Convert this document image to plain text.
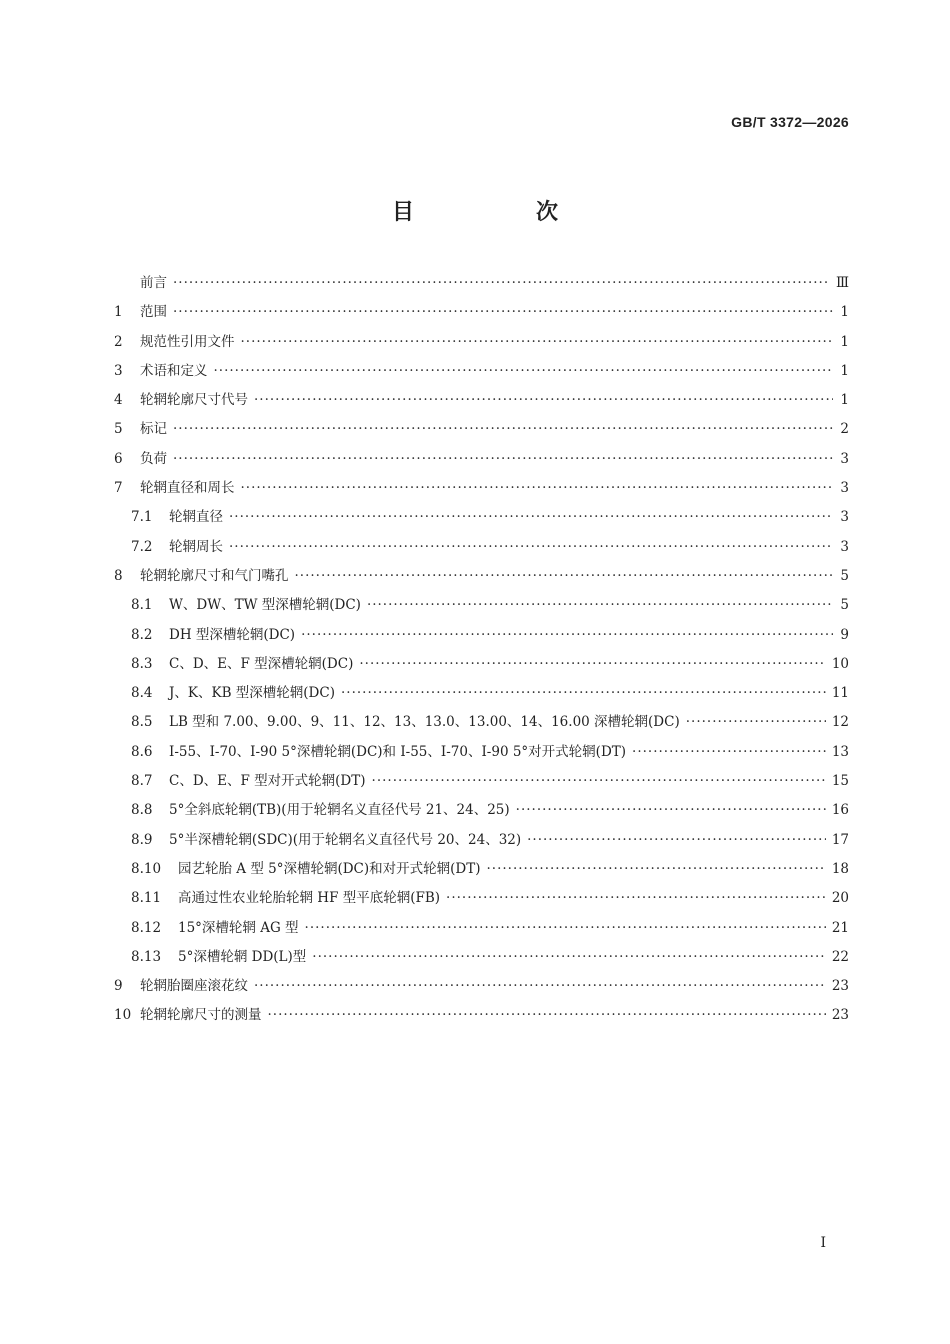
GB/T 3372—2026
目　次
前言 ·····	Ⅲ
1	范围 ·····	1
2	规范性引用文件 ·····	1
3	术语和定义 ·····	1
4	轮辋轮廓尺寸代号 ·····	1
5	标记 ·····	2
6	负荷 ·····	3
7	轮辋直径和周长 ·····	3
7.1	轮辋直径 ·····	3
7.2	轮辋周长 ·····	3
8	轮辋轮廓尺寸和气门嘴孔 ·····	5
8.1	W、DW、TW 型深槽轮辋(DC) ·····	5
8.2	DH 型深槽轮辋(DC) ·····	9
8.3	C、D、E、F 型深槽轮辋(DC) ·····	10
8.4	J、K、KB 型深槽轮辋(DC) ·····	11
8.5	LB 型和 7.00、9.00、9、11、12、13、13.0、13.00、14、16.00 深槽轮辋(DC) ·····	12
8.6	I-55、I-70、I-90 5°深槽轮辋(DC)和 I-55、I-70、I-90 5°对开式轮辋(DT) ·····	13
8.7	C、D、E、F 型对开式轮辋(DT) ·····	15
8.8	5°全斜底轮辋(TB)(用于轮辋名义直径代号 21、24、25) ·····	16
8.9	5°半深槽轮辋(SDC)(用于轮辋名义直径代号 20、24、32) ·····	17
8.10	园艺轮胎 A 型 5°深槽轮辋(DC)和对开式轮辋(DT) ·····	18
8.11	高通过性农业轮胎轮辋 HF 型平底轮辋(FB) ·····	20
8.12	15°深槽轮辋 AG 型 ·····	21
8.13	5°深槽轮辋 DD(L)型 ·····	22
9	轮辋胎圈座滚花纹 ·····	23
10 轮辋轮廓尺寸的测量 ·····	23
I
